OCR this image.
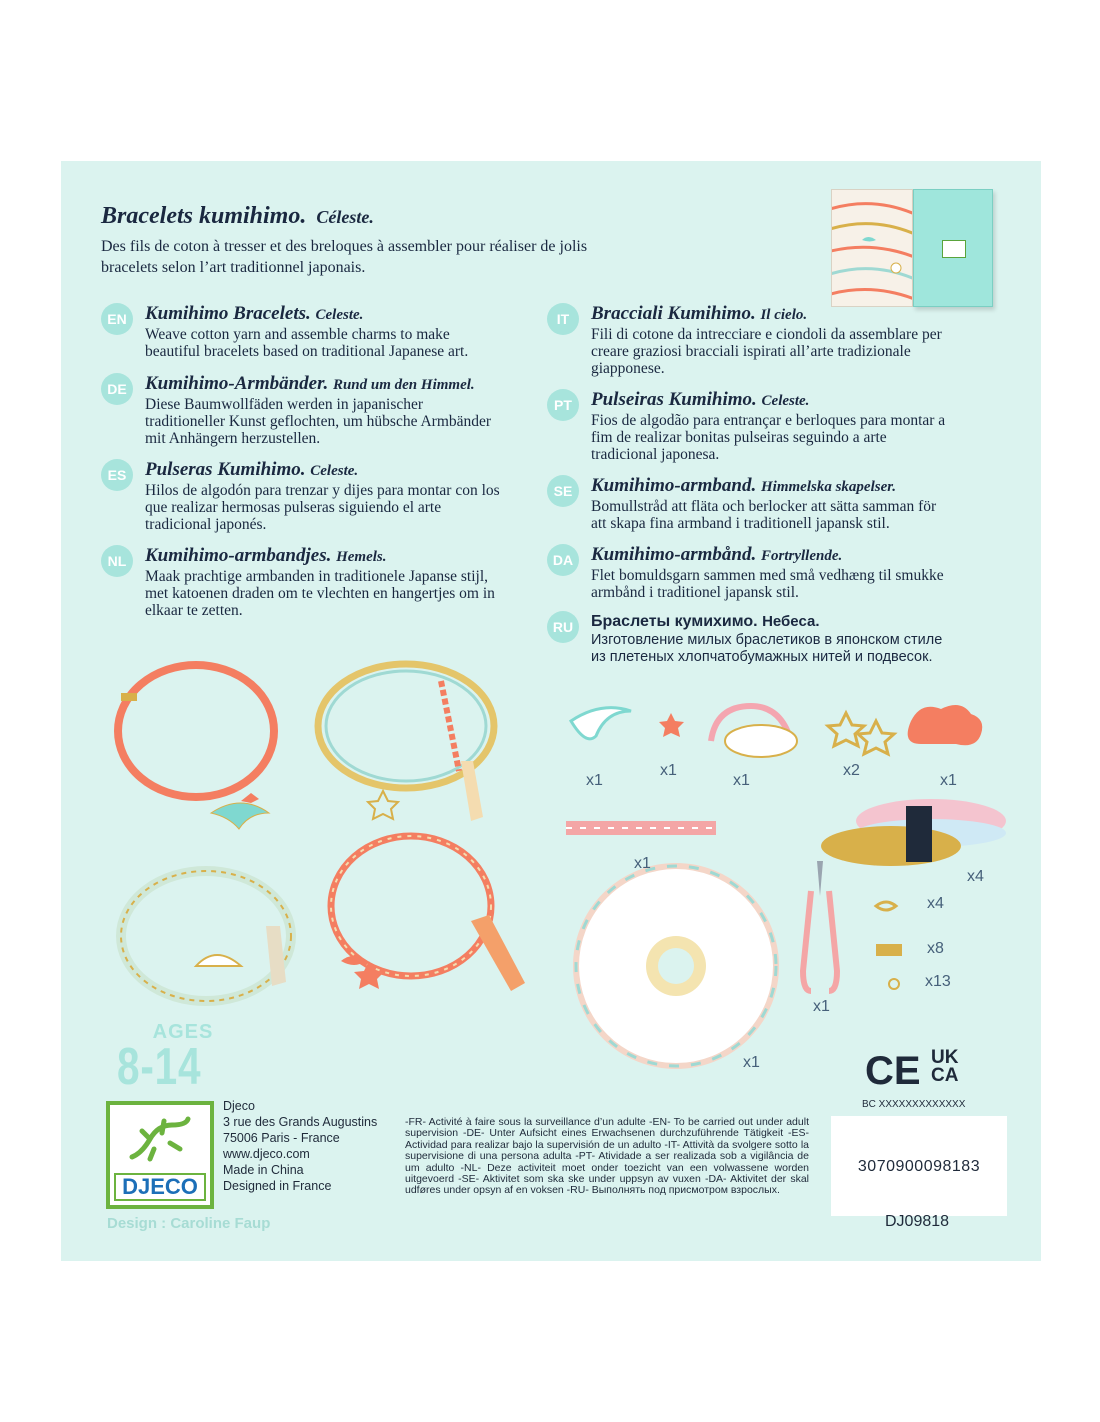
Bracelets kumihimo. Céleste.
Des fils de coton à tresser et des breloques à assembler pour réaliser de jolis bracelets selon l’art traditionnel japonais.
EN Kumihimo Bracelets. Celeste.
Weave cotton yarn and assemble charms to make beautiful bracelets based on traditional Japanese art.
DE Kumihimo-Armbänder. Rund um den Himmel.
Diese Baumwollfäden werden in japanischer traditioneller Kunst geflochten, um hübsche Armbänder mit Anhängern herzustellen.
ES Pulseras Kumihimo. Celeste.
Hilos de algodón para trenzar y dijes para montar con los que realizar hermosas pulseras siguiendo el arte tradicional japonés.
NL Kumihimo-armbandjes. Hemels.
Maak prachtige armbanden in traditionele Japanse stijl, met katoenen draden om te vlechten en hangertjes om in elkaar te zetten.
IT	Bracciali Kumihimo. Il cielo.
Fili di cotone da intrecciare e ciondoli da assemblare per creare graziosi bracciali ispirati all’arte tradizionale giapponese.
PT	Pulseiras Kumihimo. Celeste.
Fios de algodão para entrançar e berloques para montar a fim de realizar bonitas pulseiras seguindo a arte tradicional japonesa.
SE Kumihimo-armband. Himmelska skapelser.
Bomullstråd att fläta och berlocker att sätta samman för att skapa fina armband i traditionell japansk stil.
DA Kumihimo-armbånd. Fortryllende.
Flet bomuldsgarn sammen med små vedhæng til smukke armbånd i traditionel japansk stil.
RU	Браслеты кумихимо. Небеса.
Изготовление милых браслетиков в японском стиле из плетеных хлопчатобумажных нитей и подвесок.
x1
x1
x1
x2
x1
x1
x4
x4
x8
x13
x1
x1
AGES
8-14
DJECO
Djeco
3 rue des Grands Augustins
75006 Paris - France
www.djeco.com
Made in China
Designed in France
Design : Caroline Faup
-FR- Activité à faire sous la surveillance d’un adulte -EN- To be carried out under adult supervision -DE- Unter Aufsicht eines Erwachsenen durchzuführende Tätigkeit -ES- Actividad para realizar bajo la supervisión de un adulto -IT- Attività da svolgere sotto la supervisione di una persona adulta -PT- Atividade a ser realizada sob a vigilância de um adulto -NL- Deze activiteit moet onder toezicht van een volwassene worden uitgevoerd -SE- Aktivitet som ska ske under uppsyn av vuxen -DA- Aktivitet der skal udføres under opsyn af en voksen -RU- Выполнять под присмотром взрослых.
CE UK
CA
BC XXXXXXXXXXXXX
3070900098183
DJ09818
